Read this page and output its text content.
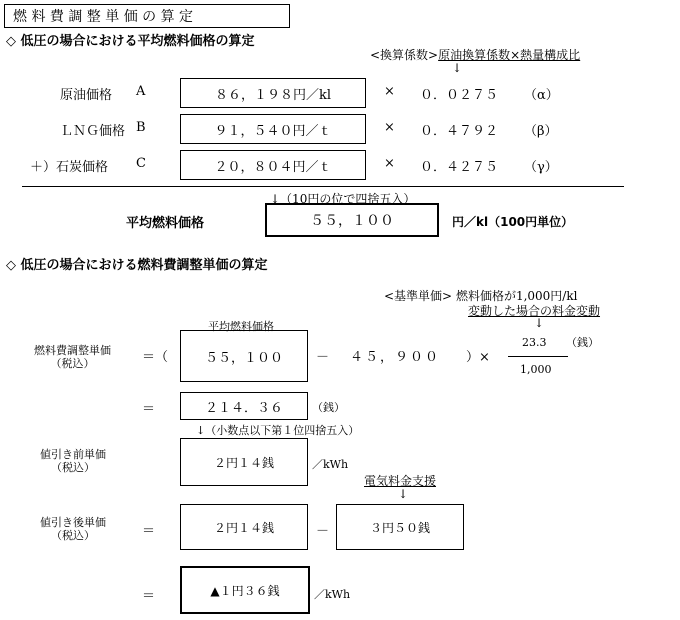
燃 料 費 調 整 単 価 の 算 定
◇ 低圧の場合における平均燃料価格の算定
<換算係数>原油換算係数×熱量構成比
↓
原油価格 A	８６，１９８円／kl	× ０．０２７５ （α）
ＬＮＧ価格 B	９１，５４０円／ｔ	× ０．４７９２ （β）
＋）石炭価格 C	２０，８０４円／ｔ	× ０．４２７５ （γ）
↓（10円の位で四捨五入）
平均燃料価格	５５，１００	円／kl（100円単位）
◇ 低圧の場合における燃料費調整単価の算定
<基準単価> 燃料価格が1,000円/kl
変動した場合の料金変動
↓
平均燃料価格
燃料費調整単価
（税込）	＝（	５５，１００	－ ４５，９００ ）×
23.3 （銭）
1,000
＝	２１４．３６	（銭）
↓（小数点以下第１位四捨五入）
値引き前単価
（税込）	２円１４銭	／kWh
電気料金支援
↓
値引き後単価
（税込）	＝	２円１４銭	－	３円５０銭
＝	▲１円３６銭	／kWh
